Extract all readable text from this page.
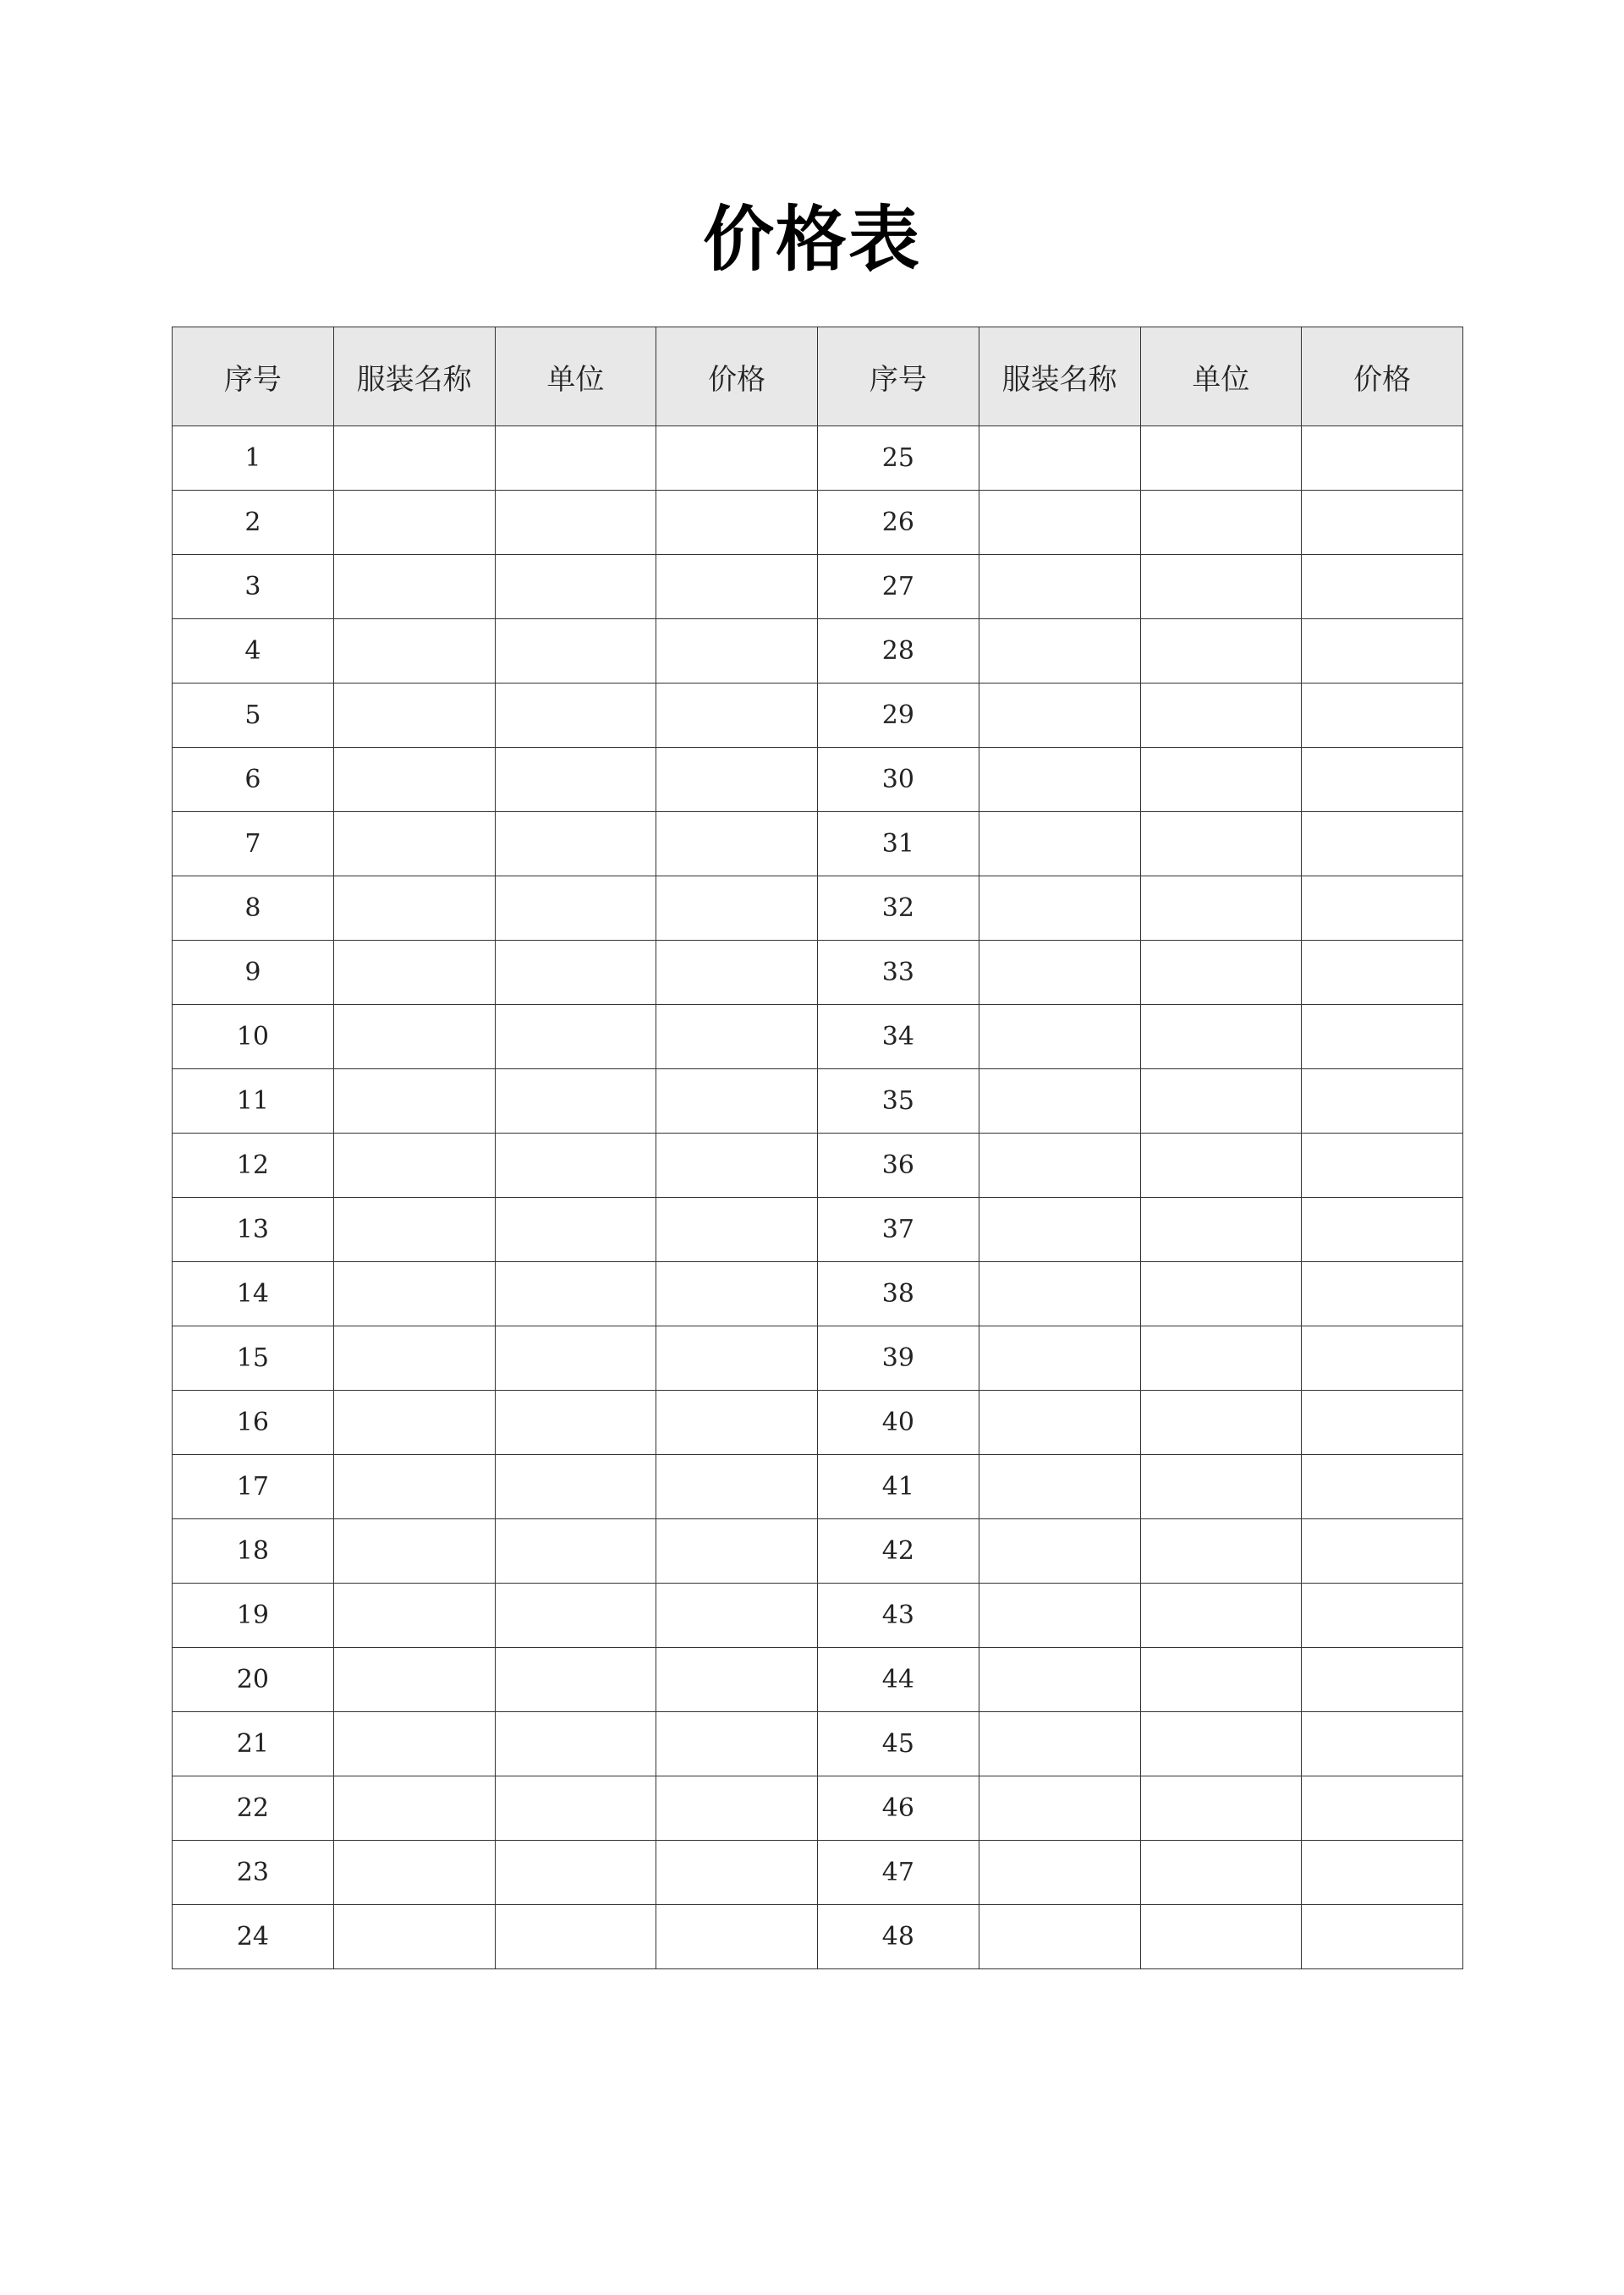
价格表
序号	服装名称	单位	价格	序号	服装名称	单位	价格
1				25			
2				26			
3				27			
4				28			
5				29			
6				30			
7				31			
8				32			
9				33			
10				34			
11				35			
12				36			
13				37			
14				38			
15				39			
16				40			
17				41			
18				42			
19				43			
20				44			
21				45			
22				46			
23				47			
24				48			
